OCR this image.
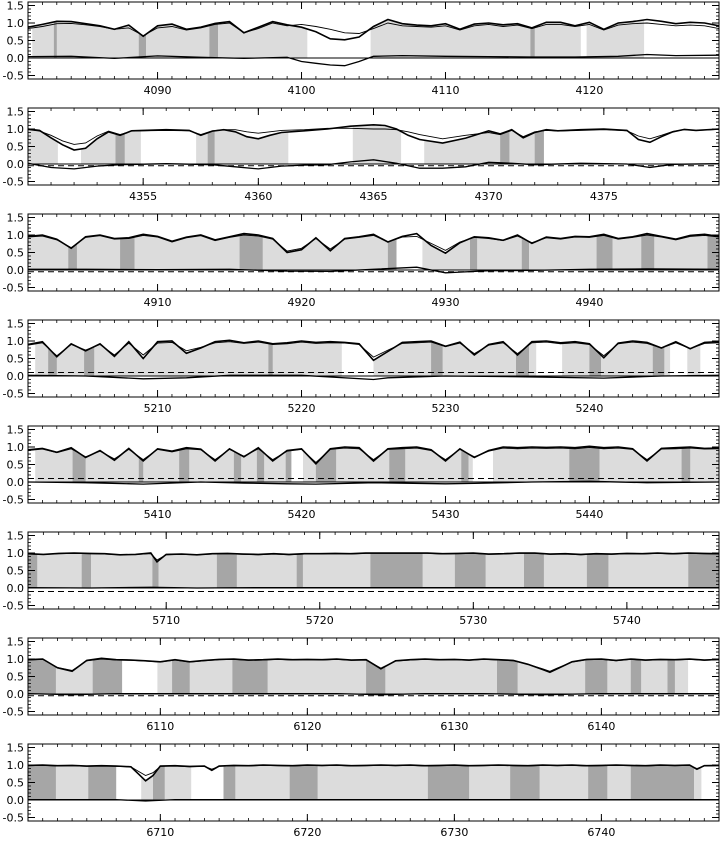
-0.5
0.0
0.5
1.0
1.5
4090	4100	4110	4120
-0.5
0.0
0.5
1.0
1.5
4355	4360	4365	4370	4375
-0.5
0.0
0.5
1.0
1.5
4910	4920	4930	4940
-0.5
0.0
0.5
1.0
1.5
5210	5220	5230	5240
-0.5
0.0
0.5
1.0
1.5
5410	5420	5430	5440
-0.5
0.0
0.5
1.0
1.5
5710	5720	5730	5740
-0.5
0.0
0.5
1.0
1.5
6110	6120	6130	6140
-0.5
0.0
0.5
1.0
1.5
6710	6720	6730	6740
